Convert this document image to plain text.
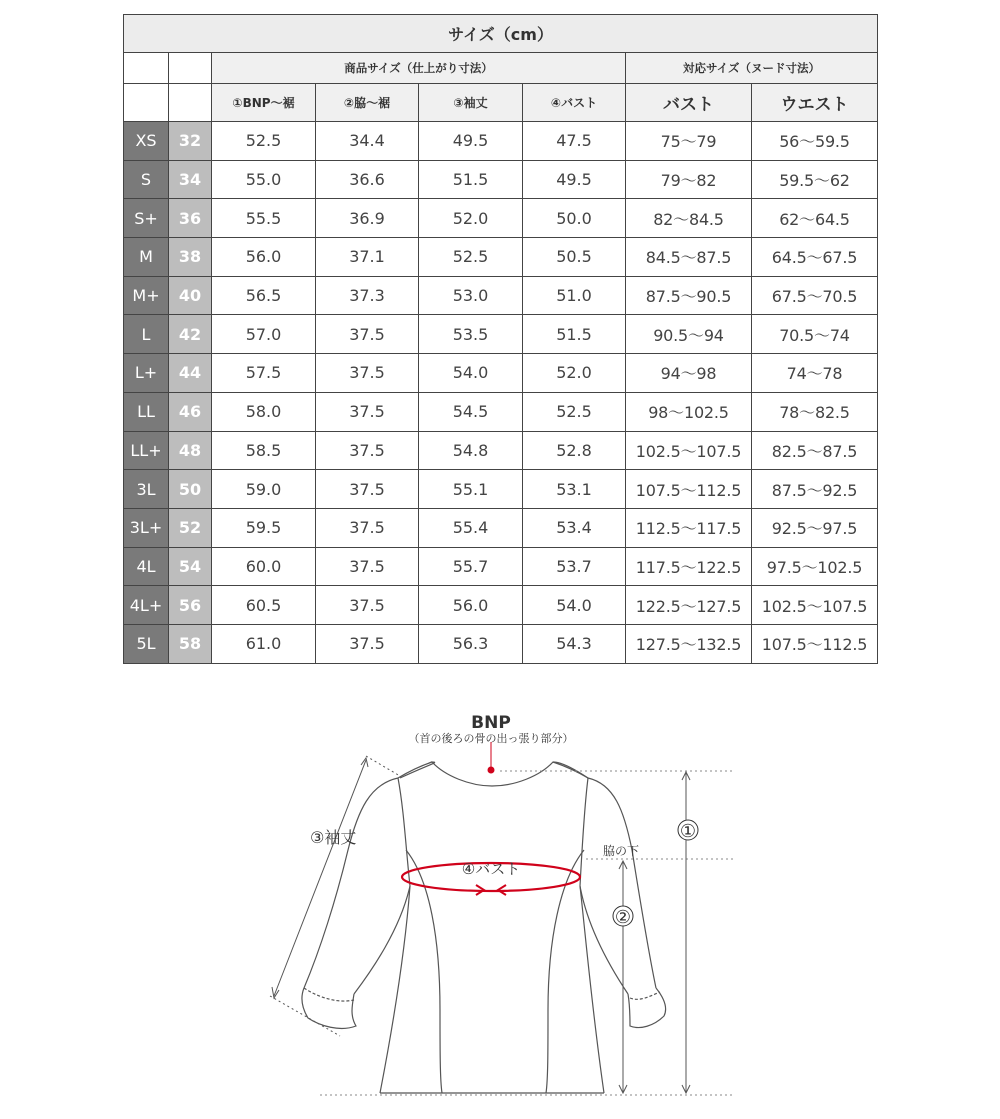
サイズ（cm）							
		商品サイズ（仕上がり寸法）				対応サイズ（ヌード寸法）	
		①BNP～裾	②脇～裾	③袖丈	④バスト	バスト	ウエスト
XS	32	52.5	34.4	49.5	47.5	75～79	56～59.5
S	34	55.0	36.6	51.5	49.5	79～82	59.5～62
S+	36	55.5	36.9	52.0	50.0	82～84.5	62～64.5
M	38	56.0	37.1	52.5	50.5	84.5～87.5	64.5～67.5
M+	40	56.5	37.3	53.0	51.0	87.5～90.5	67.5～70.5
L	42	57.0	37.5	53.5	51.5	90.5～94	70.5～74
L+	44	57.5	37.5	54.0	52.0	94～98	74～78
LL	46	58.0	37.5	54.5	52.5	98～102.5	78～82.5
LL+	48	58.5	37.5	54.8	52.8	102.5～107.5	82.5～87.5
3L	50	59.0	37.5	55.1	53.1	107.5～112.5	87.5～92.5
3L+	52	59.5	37.5	55.4	53.4	112.5～117.5	92.5～97.5
4L	54	60.0	37.5	55.7	53.7	117.5～122.5	97.5～102.5
4L+	56	60.5	37.5	56.0	54.0	122.5～127.5	102.5～107.5
5L	58	61.0	37.5	56.3	54.3	127.5～132.5	107.5～112.5
BNP
（首の後ろの骨の出っ張り部分）
脇の下
①
②
③袖丈
④バスト
